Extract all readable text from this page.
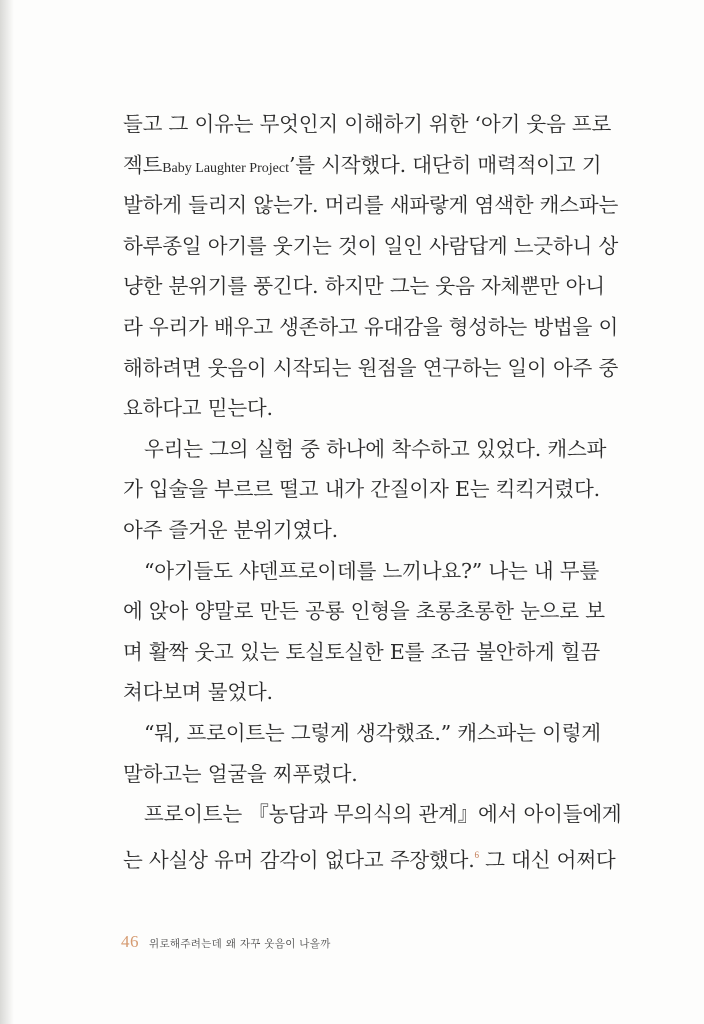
들고 그 이유는 무엇인지 이해하기 위한 ‘아기 웃음 프로
젝트Baby Laughter Project’를 시작했다. 대단히 매력적이고 기
발하게 들리지 않는가. 머리를 새파랗게 염색한 캐스파는
하루종일 아기를 웃기는 것이 일인 사람답게 느긋하니 상
냥한 분위기를 풍긴다. 하지만 그는 웃음 자체뿐만 아니
라 우리가 배우고 생존하고 유대감을 형성하는 방법을 이
해하려면 웃음이 시작되는 원점을 연구하는 일이 아주 중
요하다고 믿는다.
우리는 그의 실험 중 하나에 착수하고 있었다. 캐스파
가 입술을 부르르 떨고 내가 간질이자 E는 킥킥거렸다.
아주 즐거운 분위기였다.
“아기들도 샤덴프로이데를 느끼나요?” 나는 내 무릎
에 앉아 양말로 만든 공룡 인형을 초롱초롱한 눈으로 보
며 활짝 웃고 있는 토실토실한 E를 조금 불안하게 힐끔
쳐다보며 물었다.
“뭐, 프로이트는 그렇게 생각했죠.” 캐스파는 이렇게
말하고는 얼굴을 찌푸렸다.
프로이트는 『농담과 무의식의 관계』에서 아이들에게
는 사실상 유머 감각이 없다고 주장했다.$^6$ 그 대신 어쩌다
46 위로해주려는데 왜 자꾸 웃음이 나올까
